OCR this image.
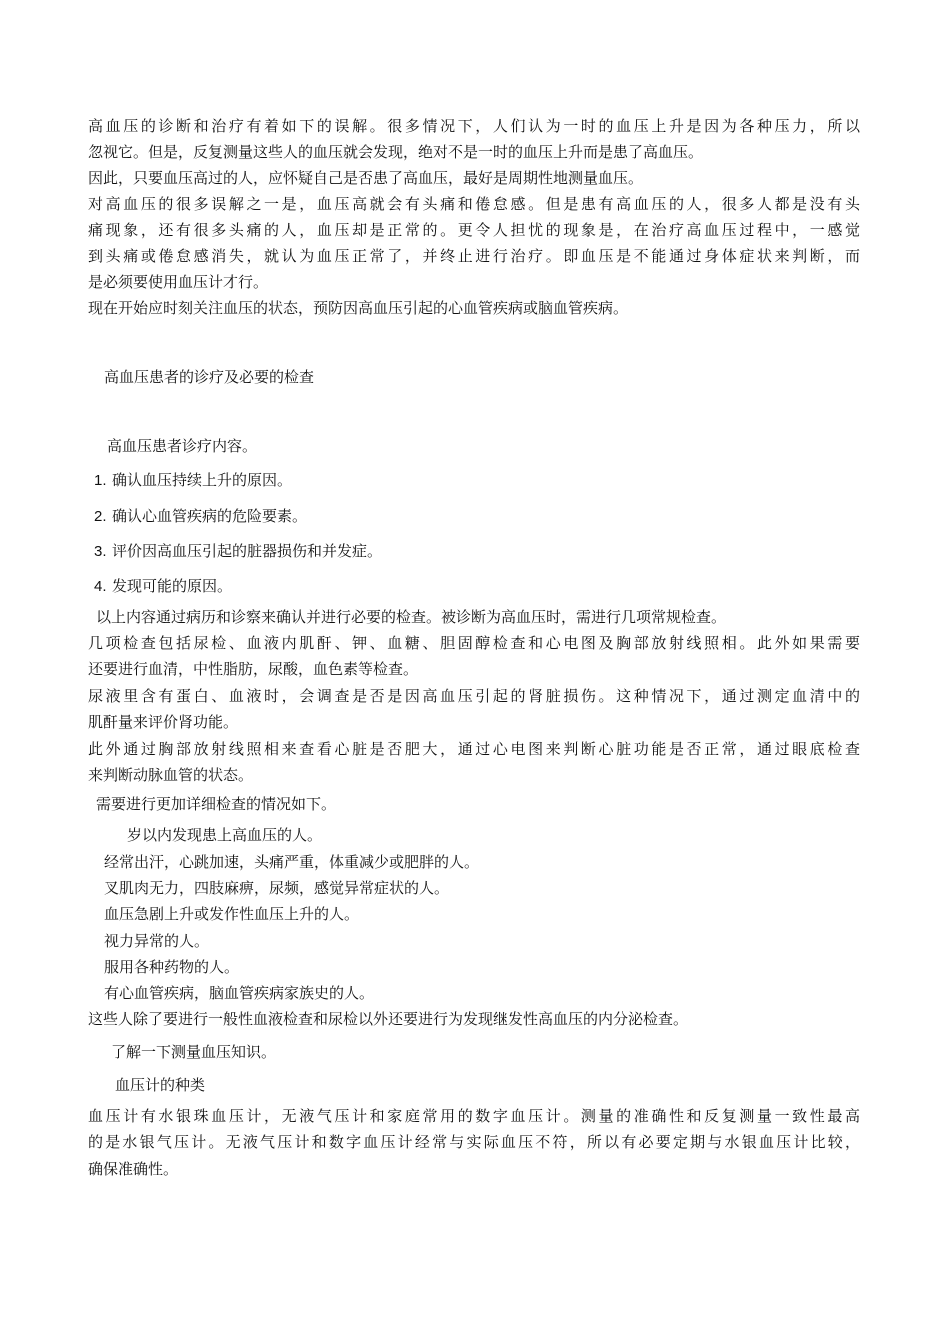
高血压的诊断和治疗有着如下的误解。很多情况下，人们认为一时的血压上升是因为各种压力，所以
忽视它。但是，反复测量这些人的血压就会发现，绝对不是一时的血压上升而是患了高血压。
因此，只要血压高过的人，应怀疑自己是否患了高血压，最好是周期性地测量血压。
对高血压的很多误解之一是，血压高就会有头痛和倦怠感。但是患有高血压的人，很多人都是没有头
痛现象，还有很多头痛的人，血压却是正常的。更令人担忧的现象是，在治疗高血压过程中，一感觉
到头痛或倦怠感消失，就认为血压正常了，并终止进行治疗。即血压是不能通过身体症状来判断，而
是必须要使用血压计才行。
现在开始应时刻关注血压的状态，预防因高血压引起的心血管疾病或脑血管疾病。
高血压患者的诊疗及必要的检查
高血压患者诊疗内容。
1. 确认血压持续上升的原因。
2. 确认心血管疾病的危险要素。
3. 评价因高血压引起的脏器损伤和并发症。
4. 发现可能的原因。
以上内容通过病历和诊察来确认并进行必要的检查。被诊断为高血压时，需进行几项常规检查。
几项检查包括尿检、血液内肌酐、钾、血糖、胆固醇检查和心电图及胸部放射线照相。此外如果需要
还要进行血清，中性脂肪，尿酸，血色素等检查。
尿液里含有蛋白、血液时，会调查是否是因高血压引起的肾脏损伤。这种情况下，通过测定血清中的
肌酐量来评价肾功能。
此外通过胸部放射线照相来查看心脏是否肥大，通过心电图来判断心脏功能是否正常，通过眼底检查
来判断动脉血管的状态。
需要进行更加详细检查的情况如下。
岁以内发现患上高血压的人。
经常出汗，心跳加速，头痛严重，体重减少或肥胖的人。
叉肌肉无力，四肢麻痹，尿频，感觉异常症状的人。
血压急剧上升或发作性血压上升的人。
视力异常的人。
服用各种药物的人。
有心血管疾病，脑血管疾病家族史的人。
这些人除了要进行一般性血液检查和尿检以外还要进行为发现继发性高血压的内分泌检查。
了解一下测量血压知识。
血压计的种类
血压计有水银珠血压计，无液气压计和家庭常用的数字血压计。测量的准确性和反复测量一致性最高
的是水银气压计。无液气压计和数字血压计经常与实际血压不符，所以有必要定期与水银血压计比较，
确保准确性。
